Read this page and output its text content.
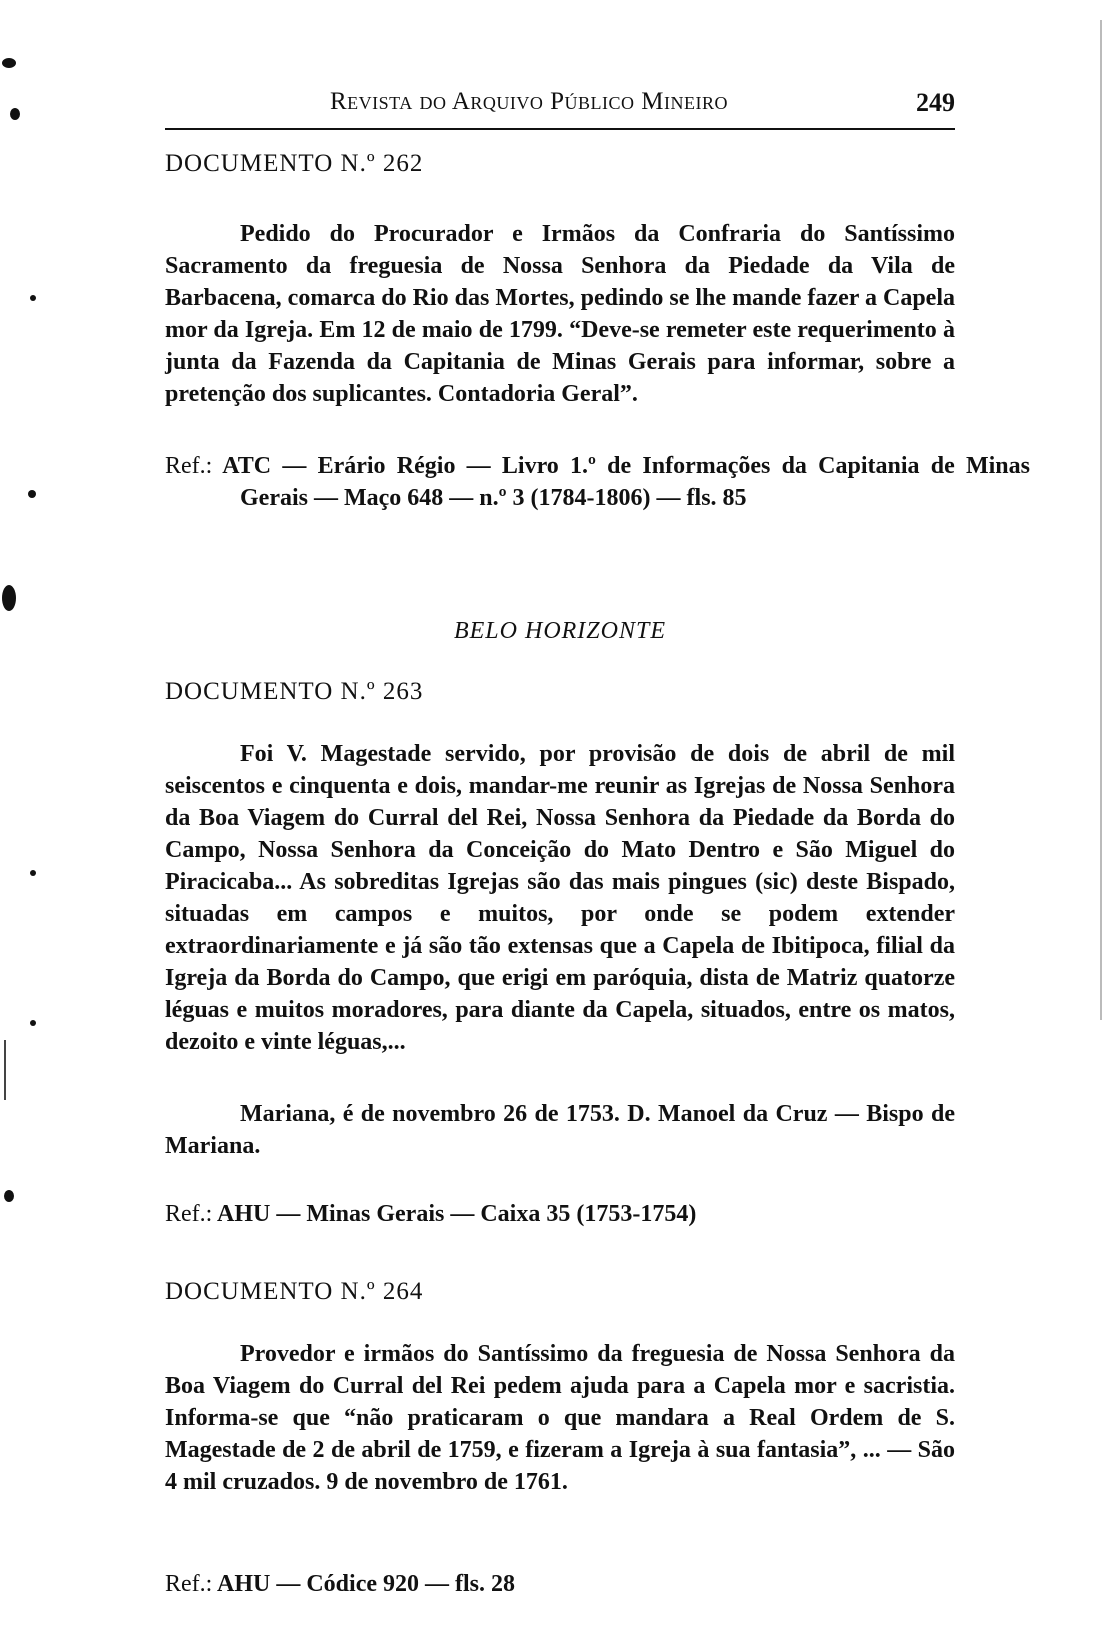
Revista do Arquivo Público Mineiro	249
DOCUMENTO N.º 262

Pedido do Procurador e Irmãos da Confraria do Santíssimo Sacramento da freguesia de Nossa Senhora da Piedade da Vila de Barbacena, comarca do Rio das Mortes, pedindo se lhe mande fazer a Capela mor da Igreja. Em 12 de maio de 1799. “Deve-se remeter este requerimento à junta da Fazenda da Capitania de Minas Gerais para informar, sobre a pretenção dos suplicantes. Contadoria Geral”.

Ref.: ATC — Erário Régio — Livro 1.º de Informações da Capitania de Minas Gerais — Maço 648 — n.º 3 (1784-1806) — fls. 85

BELO HORIZONTE
DOCUMENTO N.º 263

Foi V. Magestade servido, por provisão de dois de abril de mil seiscentos e cinquenta e dois, mandar-me reunir as Igrejas de Nossa Senhora da Boa Viagem do Curral del Rei, Nossa Senhora da Piedade da Borda do Campo, Nossa Senhora da Conceição do Mato Dentro e São Miguel do Piracicaba... As sobreditas Igrejas são das mais pingues (sic) deste Bispado, situadas em campos e muitos, por onde se podem extender extraordinariamente e já são tão extensas que a Capela de Ibitipoca, filial da Igreja da Borda do Campo, que erigi em paróquia, dista de Matriz quatorze léguas e muitos moradores, para diante da Capela, situados, entre os matos, dezoito e vinte léguas,...

Mariana, é de novembro 26 de 1753. D. Manoel da Cruz — Bispo de Mariana.

Ref.: AHU — Minas Gerais — Caixa 35 (1753-1754)

DOCUMENTO N.º 264

Provedor e irmãos do Santíssimo da freguesia de Nossa Senhora da Boa Viagem do Curral del Rei pedem ajuda para a Capela mor e sacristia. Informa-se que “não praticaram o que mandara a Real Ordem de S. Magestade de 2 de abril de 1759, e fizeram a Igreja à sua fantasia”, ... — São 4 mil cruzados. 9 de novembro de 1761.

Ref.: AHU — Códice 920 — fls. 28
